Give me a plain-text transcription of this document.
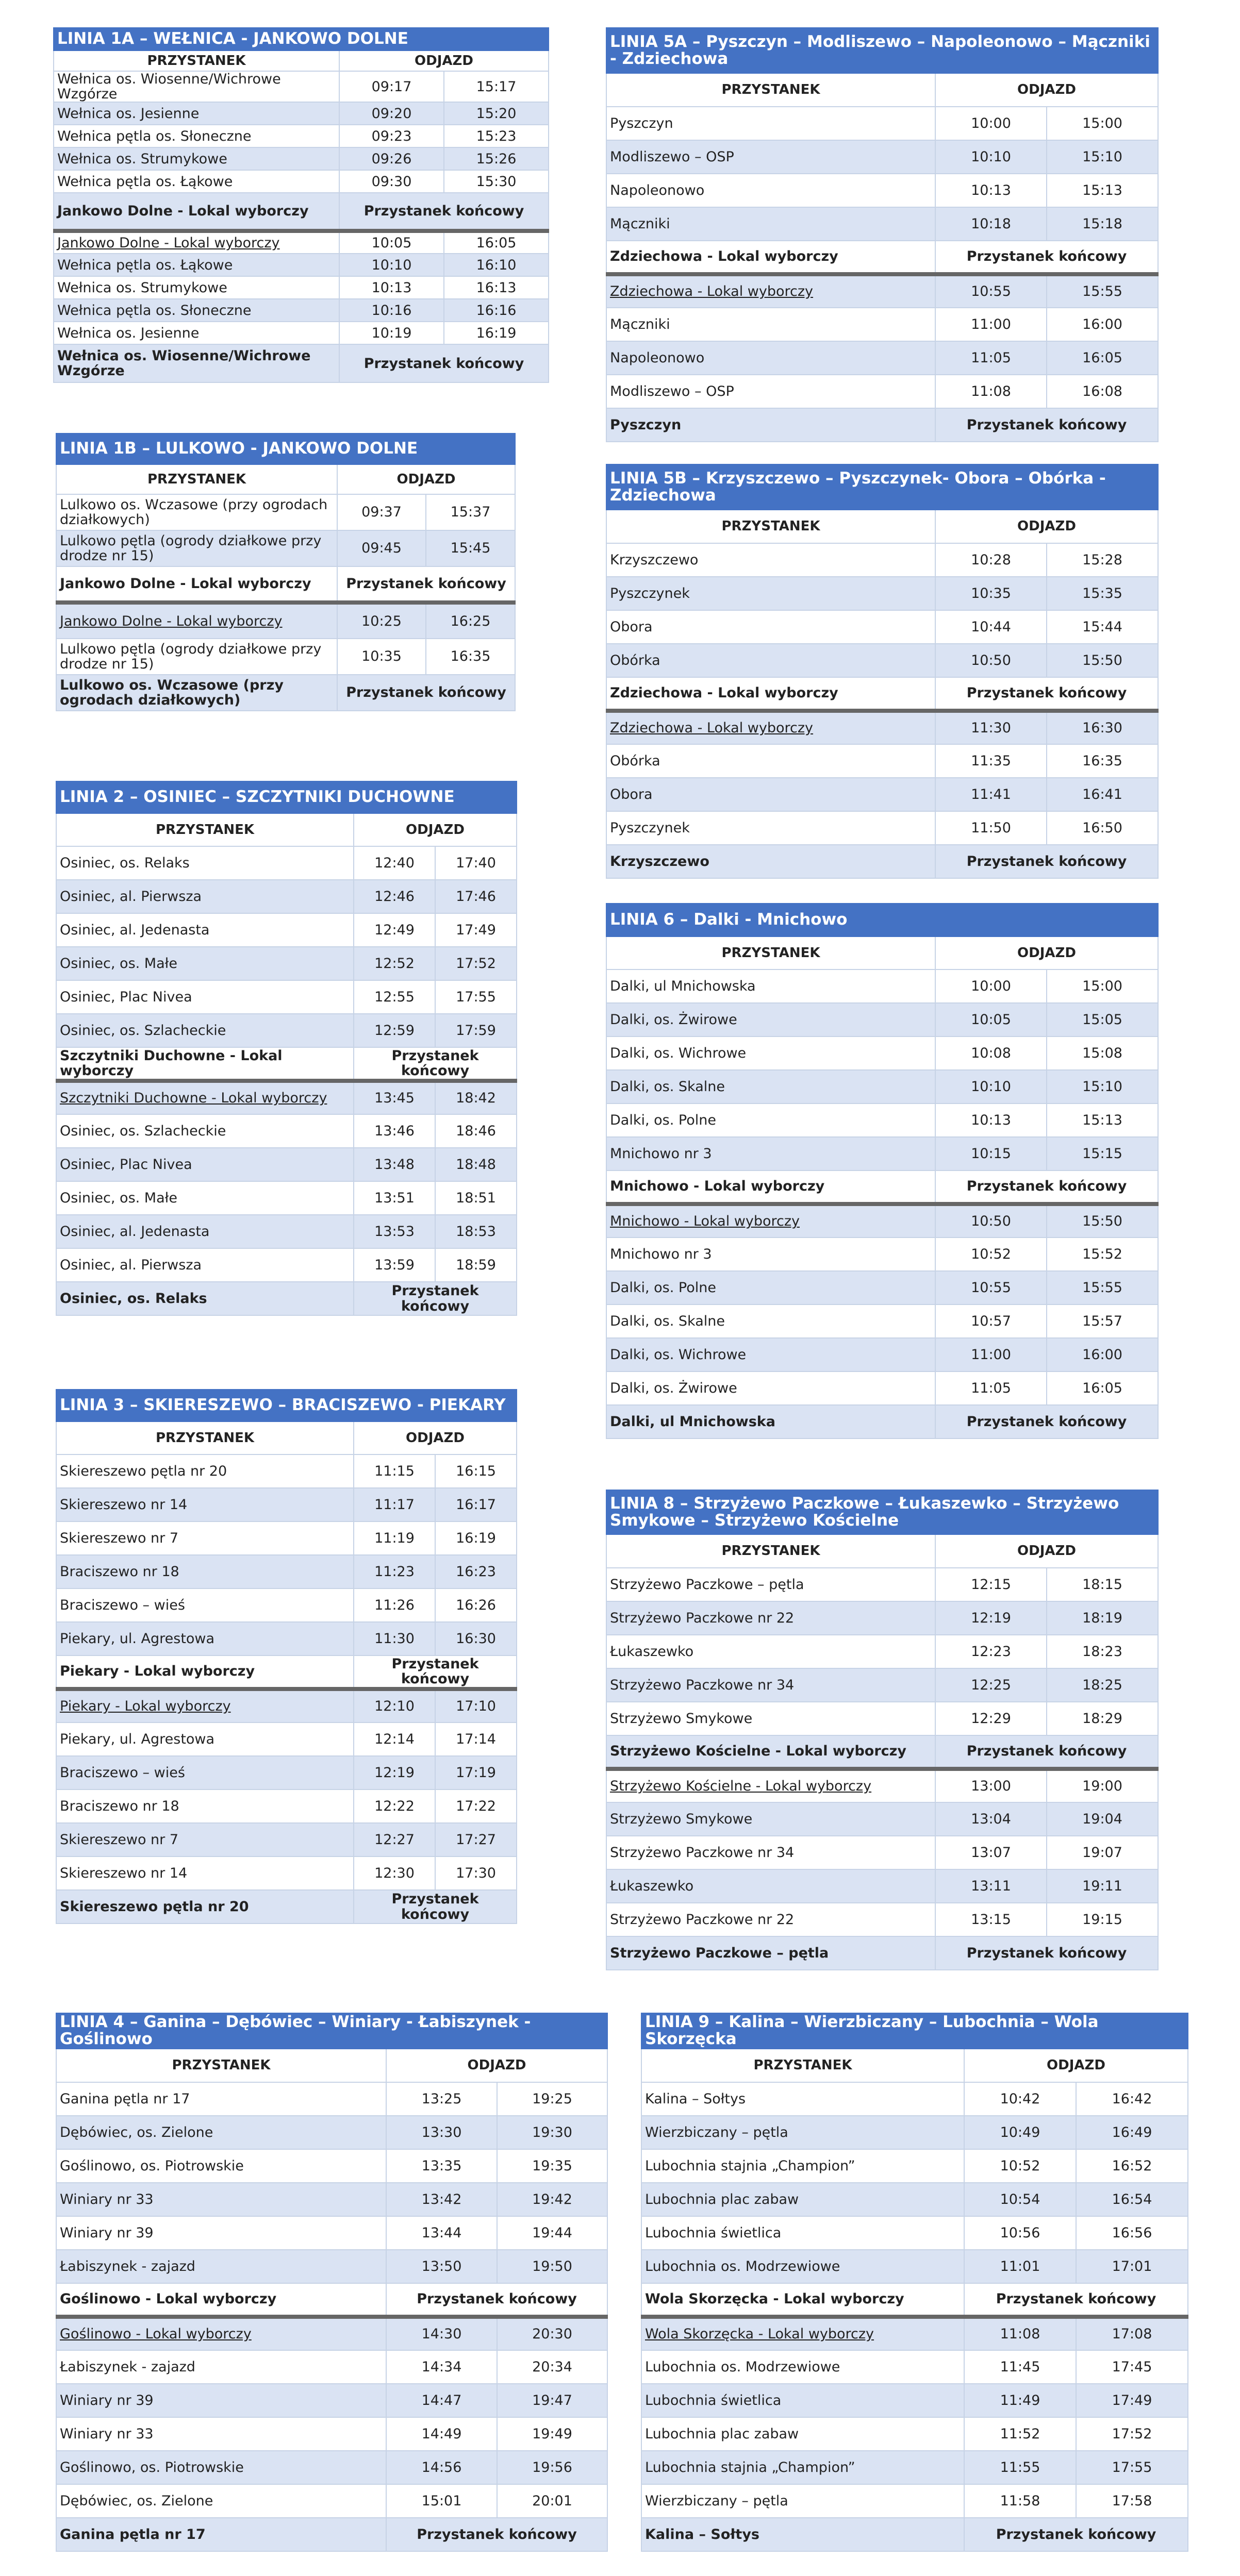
LINIA 1A – WEŁNICA - JANKOWO DOLNE		
PRZYSTANEK	ODJAZD	
Wełnica os. Wiosenne/Wichrowe Wzgórze	09:17	15:17
Wełnica os. Jesienne	09:20	15:20
Wełnica pętla os. Słoneczne	09:23	15:23
Wełnica os. Strumykowe	09:26	15:26
Wełnica pętla os. Łąkowe	09:30	15:30
Jankowo Dolne - Lokal wyborczy	Przystanek końcowy	
Jankowo Dolne - Lokal wyborczy	10:05	16:05
Wełnica pętla os. Łąkowe	10:10	16:10
Wełnica os. Strumykowe	10:13	16:13
Wełnica pętla os. Słoneczne	10:16	16:16
Wełnica os. Jesienne	10:19	16:19
Wełnica os. Wiosenne/Wichrowe Wzgórze	Przystanek końcowy	
LINIA 1B – LULKOWO - JANKOWO DOLNE		
PRZYSTANEK	ODJAZD	
Lulkowo os. Wczasowe (przy ogrodach działkowych)	09:37	15:37
Lulkowo pętla (ogrody działkowe przy drodze nr 15)	09:45	15:45
Jankowo Dolne - Lokal wyborczy	Przystanek końcowy	
Jankowo Dolne - Lokal wyborczy	10:25	16:25
Lulkowo pętla (ogrody działkowe przy drodze nr 15)	10:35	16:35
Lulkowo os. Wczasowe (przy ogrodach działkowych)	Przystanek końcowy	
LINIA 2 – OSINIEC – SZCZYTNIKI DUCHOWNE		
PRZYSTANEK	ODJAZD	
Osiniec, os. Relaks	12:40	17:40
Osiniec, al. Pierwsza	12:46	17:46
Osiniec, al. Jedenasta	12:49	17:49
Osiniec, os. Małe	12:52	17:52
Osiniec, Plac Nivea	12:55	17:55
Osiniec, os. Szlacheckie	12:59	17:59
Szczytniki Duchowne - Lokal wyborczy	Przystanek końcowy	
Szczytniki Duchowne - Lokal wyborczy	13:45	18:42
Osiniec, os. Szlacheckie	13:46	18:46
Osiniec, Plac Nivea	13:48	18:48
Osiniec, os. Małe	13:51	18:51
Osiniec, al. Jedenasta	13:53	18:53
Osiniec, al. Pierwsza	13:59	18:59
Osiniec, os. Relaks	Przystanek końcowy	
LINIA 3 – SKIERESZEWO – BRACISZEWO - PIEKARY		
PRZYSTANEK	ODJAZD	
Skiereszewo pętla nr 20	11:15	16:15
Skiereszewo nr 14	11:17	16:17
Skiereszewo nr 7	11:19	16:19
Braciszewo nr 18	11:23	16:23
Braciszewo – wieś	11:26	16:26
Piekary, ul. Agrestowa	11:30	16:30
Piekary - Lokal wyborczy	Przystanek końcowy	
Piekary - Lokal wyborczy	12:10	17:10
Piekary, ul. Agrestowa	12:14	17:14
Braciszewo – wieś	12:19	17:19
Braciszewo nr 18	12:22	17:22
Skiereszewo nr 7	12:27	17:27
Skiereszewo nr 14	12:30	17:30
Skiereszewo pętla nr 20	Przystanek końcowy	
LINIA 4 – Ganina – Dębówiec – Winiary - Łabiszynek - Goślinowo		
PRZYSTANEK	ODJAZD	
Ganina pętla nr 17	13:25	19:25
Dębówiec, os. Zielone	13:30	19:30
Goślinowo, os. Piotrowskie	13:35	19:35
Winiary nr 33	13:42	19:42
Winiary nr 39	13:44	19:44
Łabiszynek - zajazd	13:50	19:50
Goślinowo - Lokal wyborczy	Przystanek końcowy	
Goślinowo - Lokal wyborczy	14:30	20:30
Łabiszynek - zajazd	14:34	20:34
Winiary nr 39	14:47	19:47
Winiary nr 33	14:49	19:49
Goślinowo, os. Piotrowskie	14:56	19:56
Dębówiec, os. Zielone	15:01	20:01
Ganina pętla nr 17	Przystanek końcowy	
LINIA 5A – Pyszczyn – Modliszewo – Napoleonowo – Mączniki - Zdziechowa		
PRZYSTANEK	ODJAZD	
Pyszczyn	10:00	15:00
Modliszewo – OSP	10:10	15:10
Napoleonowo	10:13	15:13
Mączniki	10:18	15:18
Zdziechowa - Lokal wyborczy	Przystanek końcowy	
Zdziechowa - Lokal wyborczy	10:55	15:55
Mączniki	11:00	16:00
Napoleonowo	11:05	16:05
Modliszewo – OSP	11:08	16:08
Pyszczyn	Przystanek końcowy	
LINIA 5B – Krzyszczewo – Pyszczynek- Obora – Obórka - Zdziechowa		
PRZYSTANEK	ODJAZD	
Krzyszczewo	10:28	15:28
Pyszczynek	10:35	15:35
Obora	10:44	15:44
Obórka	10:50	15:50
Zdziechowa - Lokal wyborczy	Przystanek końcowy	
Zdziechowa - Lokal wyborczy	11:30	16:30
Obórka	11:35	16:35
Obora	11:41	16:41
Pyszczynek	11:50	16:50
Krzyszczewo	Przystanek końcowy	
LINIA 6 – Dalki - Mnichowo		
PRZYSTANEK	ODJAZD	
Dalki, ul Mnichowska	10:00	15:00
Dalki, os. Żwirowe	10:05	15:05
Dalki, os. Wichrowe	10:08	15:08
Dalki, os. Skalne	10:10	15:10
Dalki, os. Polne	10:13	15:13
Mnichowo nr 3	10:15	15:15
Mnichowo - Lokal wyborczy	Przystanek końcowy	
Mnichowo - Lokal wyborczy	10:50	15:50
Mnichowo nr 3	10:52	15:52
Dalki, os. Polne	10:55	15:55
Dalki, os. Skalne	10:57	15:57
Dalki, os. Wichrowe	11:00	16:00
Dalki, os. Żwirowe	11:05	16:05
Dalki, ul Mnichowska	Przystanek końcowy	
LINIA 8 – Strzyżewo Paczkowe – Łukaszewko – Strzyżewo Smykowe – Strzyżewo Kościelne		
PRZYSTANEK	ODJAZD	
Strzyżewo Paczkowe – pętla	12:15	18:15
Strzyżewo Paczkowe nr 22	12:19	18:19
Łukaszewko	12:23	18:23
Strzyżewo Paczkowe nr 34	12:25	18:25
Strzyżewo Smykowe	12:29	18:29
Strzyżewo Kościelne - Lokal wyborczy	Przystanek końcowy	
Strzyżewo Kościelne - Lokal wyborczy	13:00	19:00
Strzyżewo Smykowe	13:04	19:04
Strzyżewo Paczkowe nr 34	13:07	19:07
Łukaszewko	13:11	19:11
Strzyżewo Paczkowe nr 22	13:15	19:15
Strzyżewo Paczkowe – pętla	Przystanek końcowy	
LINIA 9 – Kalina – Wierzbiczany – Lubochnia – Wola Skorzęcka		
PRZYSTANEK	ODJAZD	
Kalina – Sołtys	10:42	16:42
Wierzbiczany – pętla	10:49	16:49
Lubochnia stajnia „Champion”	10:52	16:52
Lubochnia plac zabaw	10:54	16:54
Lubochnia świetlica	10:56	16:56
Lubochnia os. Modrzewiowe	11:01	17:01
Wola Skorzęcka - Lokal wyborczy	Przystanek końcowy	
Wola Skorzęcka - Lokal wyborczy	11:08	17:08
Lubochnia os. Modrzewiowe	11:45	17:45
Lubochnia świetlica	11:49	17:49
Lubochnia plac zabaw	11:52	17:52
Lubochnia stajnia „Champion”	11:55	17:55
Wierzbiczany – pętla	11:58	17:58
Kalina – Sołtys	Przystanek końcowy	
